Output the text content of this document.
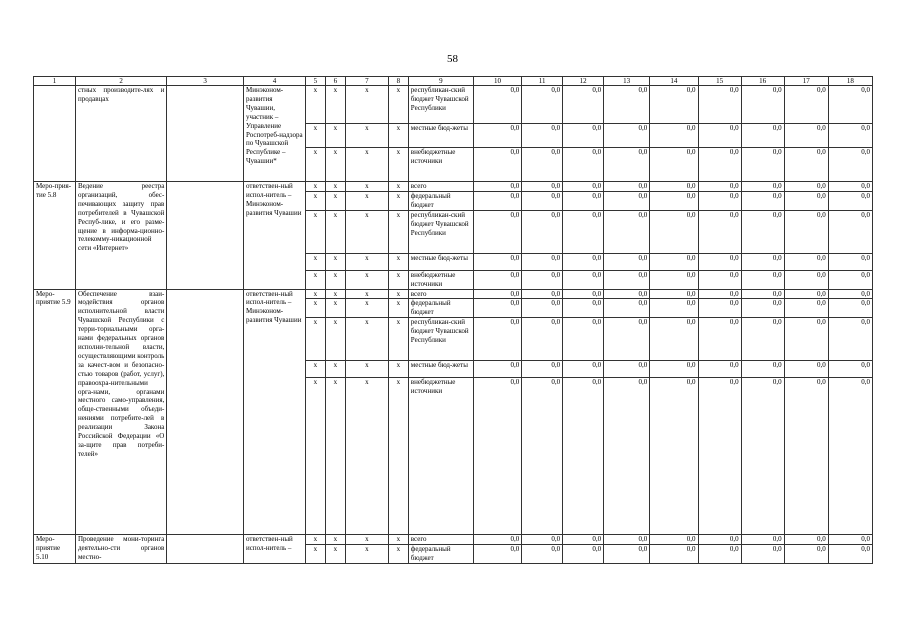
58
1	2	3	4	5	6	7	8	9	10	11	12	13	14	15	16	17	18
	стных производите-лях и продавцах		Минэконом-развития Чувашии, участник – Управление Роспотреб-надзора по Чувашской Республике – Чувашии*	x	x	x	x	республикан-ский бюджет Чувашской Республики	0,0	0,0	0,0	0,0	0,0	0,0	0,0	0,0	0,0
				x	x	x	x	местные бюд-жеты	0,0	0,0	0,0	0,0	0,0	0,0	0,0	0,0	0,0
				x	x	x	x	внебюджетные источники	0,0	0,0	0,0	0,0	0,0	0,0	0,0	0,0	0,0
Меро-прия-тие 5.8	Ведение реестра организаций, обес-печивающих защиту прав потребителей в Чувашской Респуб-лике, и его разме-щение в информа-ционно-телекомму-никационной сети «Интернет»		ответствен-ный испол-нитель – Минэконом-развития Чувашии	x	x	x	x	всего	0,0	0,0	0,0	0,0	0,0	0,0	0,0	0,0	0,0
				x	x	x	x	федеральный бюджет	0,0	0,0	0,0	0,0	0,0	0,0	0,0	0,0	0,0
				x	x	x	x	республикан-ский бюджет Чувашской Республики	0,0	0,0	0,0	0,0	0,0	0,0	0,0	0,0	0,0
				x	x	x	x	местные бюд-жеты	0,0	0,0	0,0	0,0	0,0	0,0	0,0	0,0	0,0
				x	x	x	x	внебюджетные источники	0,0	0,0	0,0	0,0	0,0	0,0	0,0	0,0	0,0
Меро-приятие 5.9	Обеспечение взаи-модействия органов исполнительной власти Чувашской Республики с терри-ториальными орга-нами федеральных органов исполни-тельной власти, осуществляющими контроль за качест-вом и безопасно-стью товаров (работ, услуг), правоохра-нительными орга-нами, органами местного само-управления, обще-ственными объеди-нениями потребите-лей в реализации Закона Российской Федерации «О за-щите прав потреби-телей»		ответствен-ный испол-нитель – Минэконом-развития Чувашии	x	x	x	x	всего	0,0	0,0	0,0	0,0	0,0	0,0	0,0	0,0	0,0
				x	x	x	x	федеральный бюджет	0,0	0,0	0,0	0,0	0,0	0,0	0,0	0,0	0,0
				x	x	x	x	республикан-ский бюджет Чувашской Республики	0,0	0,0	0,0	0,0	0,0	0,0	0,0	0,0	0,0
				x	x	x	x	местные бюд-жеты	0,0	0,0	0,0	0,0	0,0	0,0	0,0	0,0	0,0
				x	x	x	x	внебюджетные источники	0,0	0,0	0,0	0,0	0,0	0,0	0,0	0,0	0,0
Меро-приятие 5.10	Проведение мони-торинга деятельно-сти органов местно-		ответствен-ный испол-нитель –	x	x	x	x	всего	0,0	0,0	0,0	0,0	0,0	0,0	0,0	0,0	0,0
				x	x	x	x	федеральный бюджет	0,0	0,0	0,0	0,0	0,0	0,0	0,0	0,0	0,0
